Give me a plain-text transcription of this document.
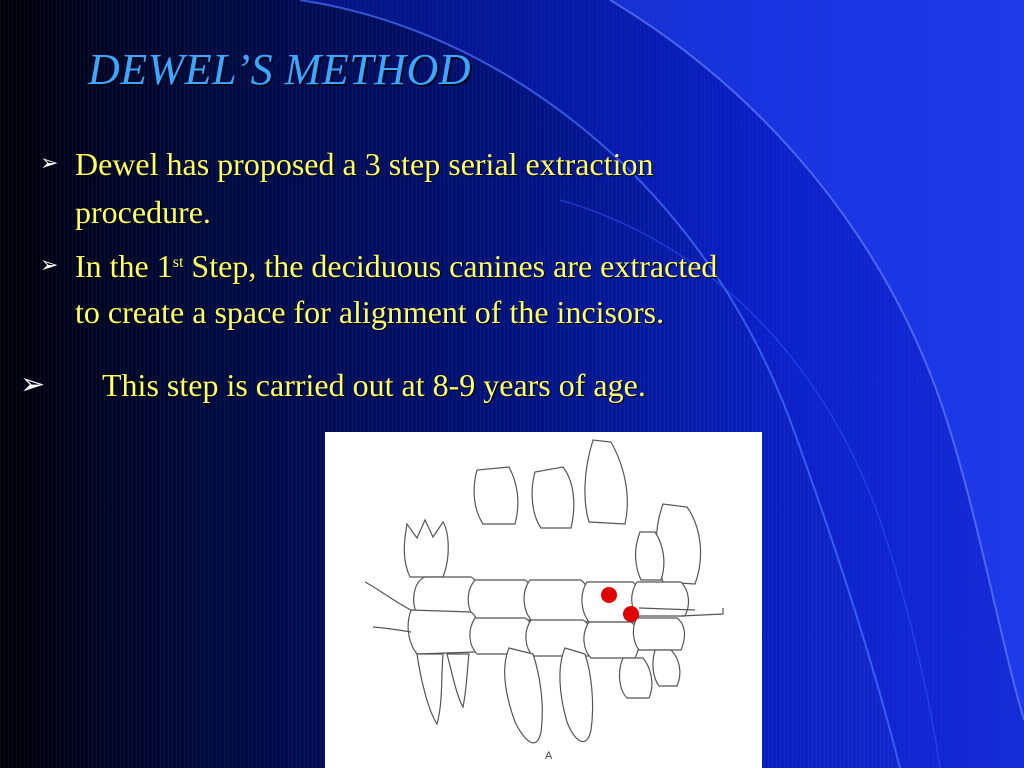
DEWEL’S METHOD
➢ Dewel has proposed a 3 step serial extraction
procedure.
➢ In the 1st Step, the deciduous canines are extracted
to create a space for alignment of the incisors.
➢ This step is carried out at 8-9 years of age.
A
